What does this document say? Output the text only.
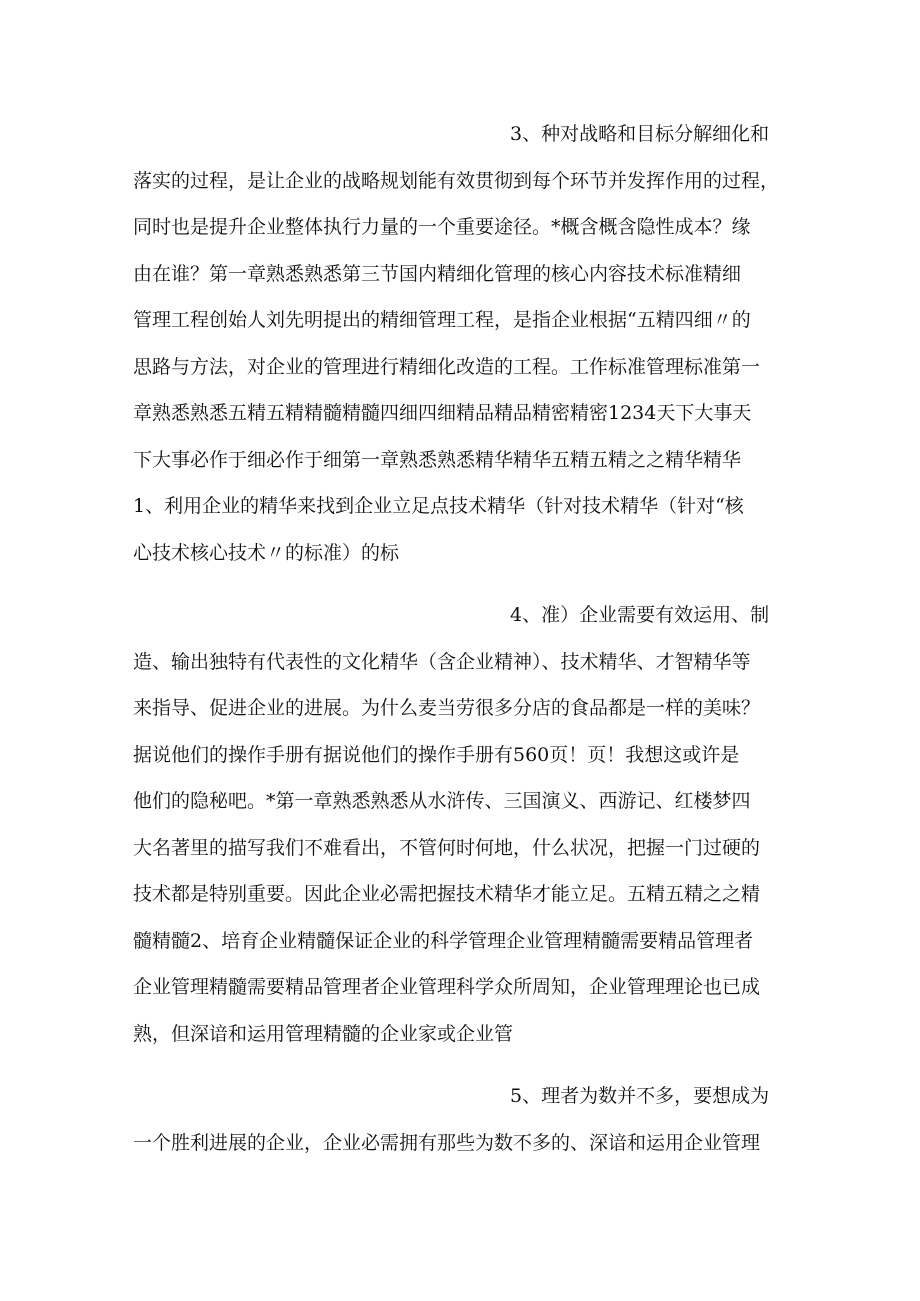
3、种对战略和目标分解细化和
落实的过程，是让企业的战略规划能有效贯彻到每个环节并发挥作用的过程，
同时也是提升企业整体执行力量的一个重要途径。*概含概含隐性成本？缘
由在谁？第一章熟悉熟悉第三节国内精细化管理的核心内容技术标准精细
管理工程创始人刘先明提出的精细管理工程，是指企业根据“五精四细〃的
思路与方法，对企业的管理进行精细化改造的工程。工作标准管理标准第一
章熟悉熟悉五精五精精髓精髓四细四细精品精品精密精密1234天下大事天
下大事必作于细必作于细第一章熟悉熟悉精华精华五精五精之之精华精华
1、利用企业的精华来找到企业立足点技术精华（针对技术精华（针对“核
心技术核心技术〃的标准）的标
4、准）企业需要有效运用、制
造、输出独特有代表性的文化精华（含企业精神）、技术精华、才智精华等
来指导、促进企业的进展。为什么麦当劳很多分店的食品都是一样的美味？
据说他们的操作手册有据说他们的操作手册有560页！页！我想这或许是
他们的隐秘吧。*第一章熟悉熟悉从水浒传、三国演义、西游记、红楼梦四
大名著里的描写我们不难看出，不管何时何地，什么状况，把握一门过硬的
技术都是特别重要。因此企业必需把握技术精华才能立足。五精五精之之精
髓精髓2、培育企业精髓保证企业的科学管理企业管理精髓需要精品管理者
企业管理精髓需要精品管理者企业管理科学众所周知，企业管理理论也已成
熟，但深谙和运用管理精髓的企业家或企业管
5、理者为数并不多，要想成为
一个胜利进展的企业，企业必需拥有那些为数不多的、深谙和运用企业管理
